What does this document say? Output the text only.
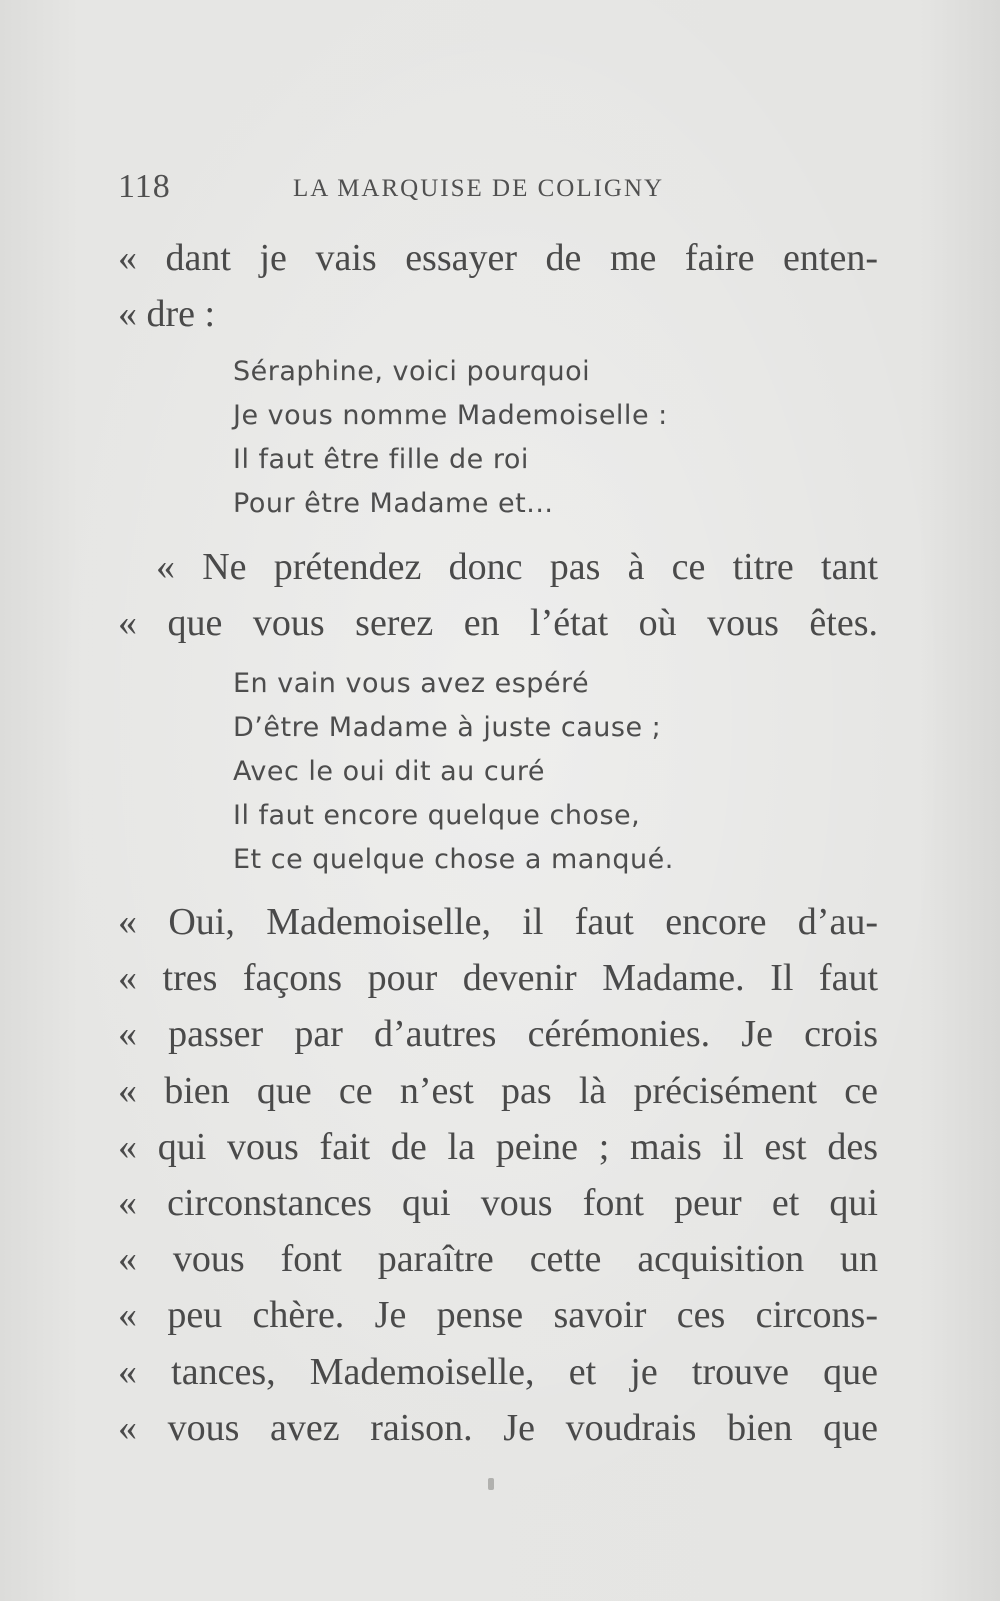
118	LA MARQUISE DE COLIGNY
« dant je vais essayer de me faire enten-
« dre :
Séraphine, voici pourquoi
Je vous nomme Mademoiselle :
Il faut être fille de roi
Pour être Madame et...
« Ne prétendez donc pas à ce titre tant
« que vous serez en l’état où vous êtes.
En vain vous avez espéré
D’être Madame à juste cause ;
Avec le oui dit au curé
Il faut encore quelque chose,
Et ce quelque chose a manqué.
« Oui, Mademoiselle, il faut encore d’au-
« tres façons pour devenir Madame. Il faut
« passer par d’autres cérémonies. Je crois
« bien que ce n’est pas là précisément ce
« qui vous fait de la peine ; mais il est des
« circonstances qui vous font peur et qui
« vous font paraître cette acquisition un
« peu chère. Je pense savoir ces circons-
« tances, Mademoiselle, et je trouve que
« vous avez raison. Je voudrais bien que
